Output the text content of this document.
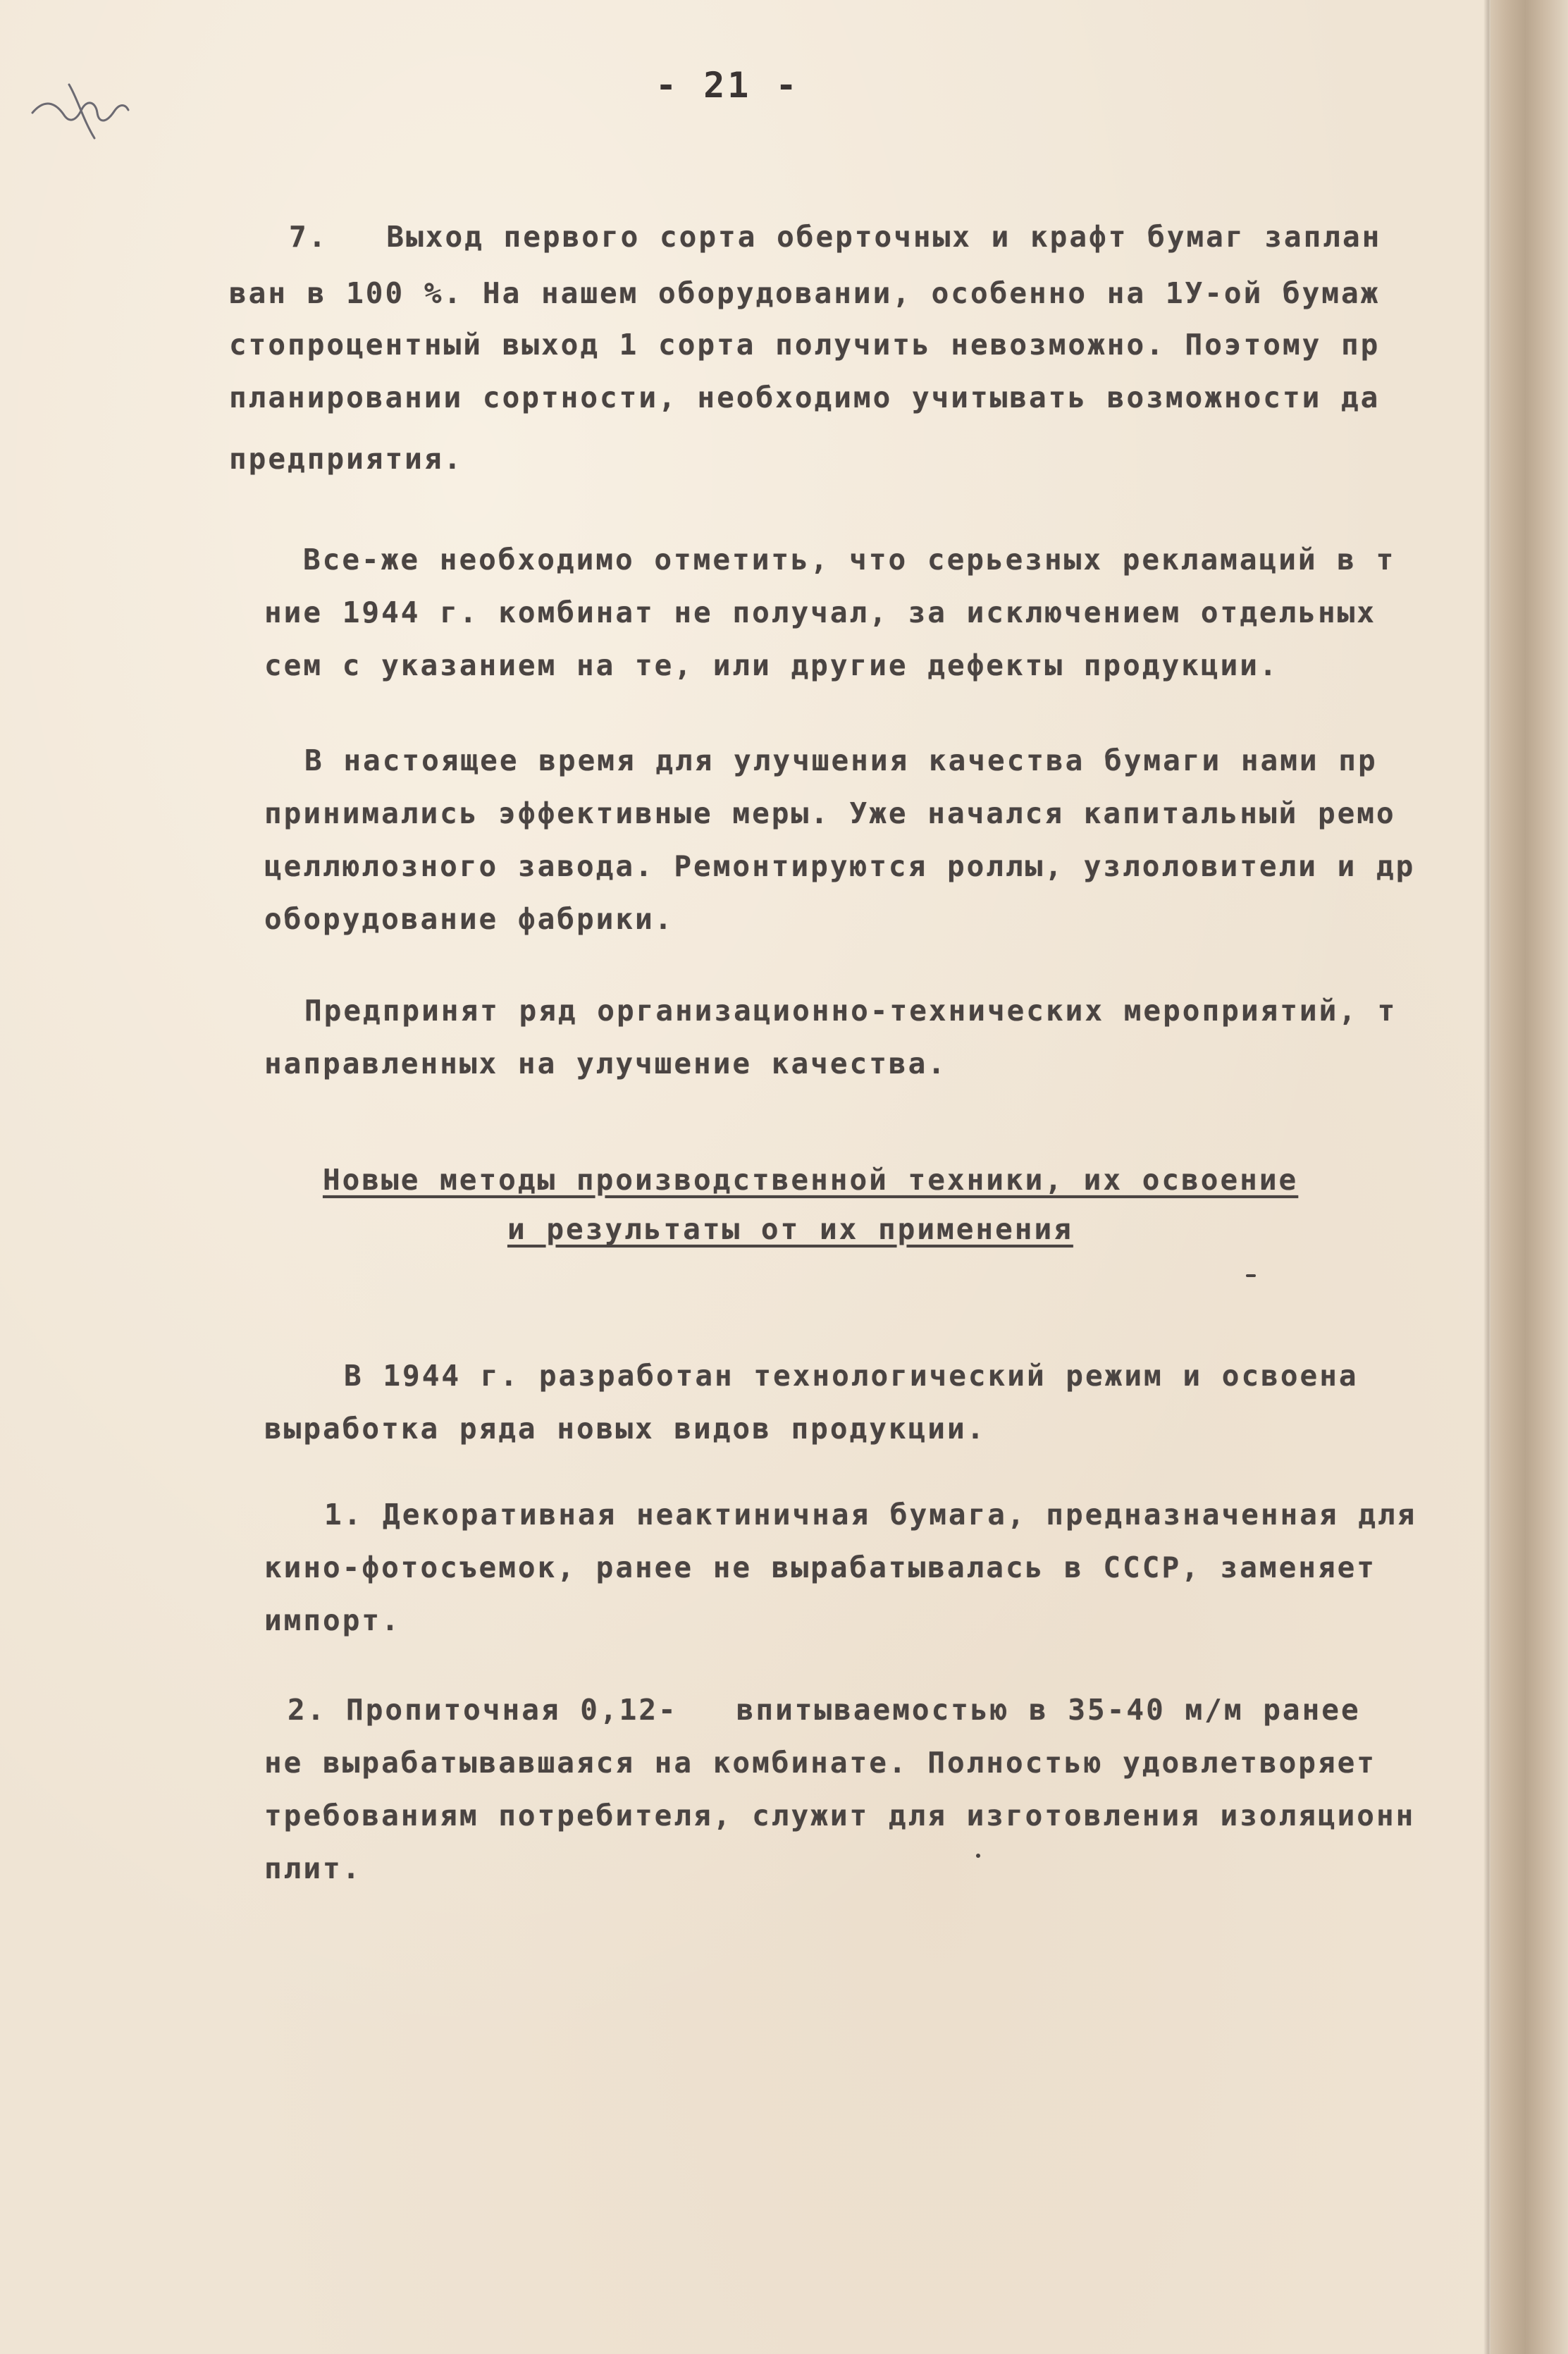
- 21 -
7.   Выход первого сорта оберточных и крафт бумаг заплан
ван в 100 %. На нашем оборудовании, особенно на 1У-ой бумаж
стопроцентный выход 1 сорта получить невозможно. Поэтому пр
планировании сортности, необходимо учитывать возможности да
предприятия.
Все-же необходимо отметить, что серьезных рекламаций в т
ние 1944 г. комбинат не получал, за исключением отдельных
сем с указанием на те, или другие дефекты продукции.
В настоящее время для улучшения качества бумаги нами пр
принимались эффективные меры. Уже начался капитальный ремо
целлюлозного завода. Ремонтируются роллы, узлоловители и др
оборудование фабрики.
Предпринят ряд организационно-технических мероприятий, т
направленных на улучшение качества.
Новые методы производственной техники, их освоение
и результаты от их применения
В 1944 г. разработан технологический режим и освоена
выработка ряда новых видов продукции.
1. Декоративная неактиничная бумага, предназначенная для
кино-фотосъемок, ранее не вырабатывалась в СССР, заменяет
импорт.
2. Пропиточная 0,12-   впитываемостью в 35-40 м/м ранее
не вырабатывавшаяся на комбинате. Полностью удовлетворяет
требованиям потребителя, служит для изготовления изоляционн
плит.
